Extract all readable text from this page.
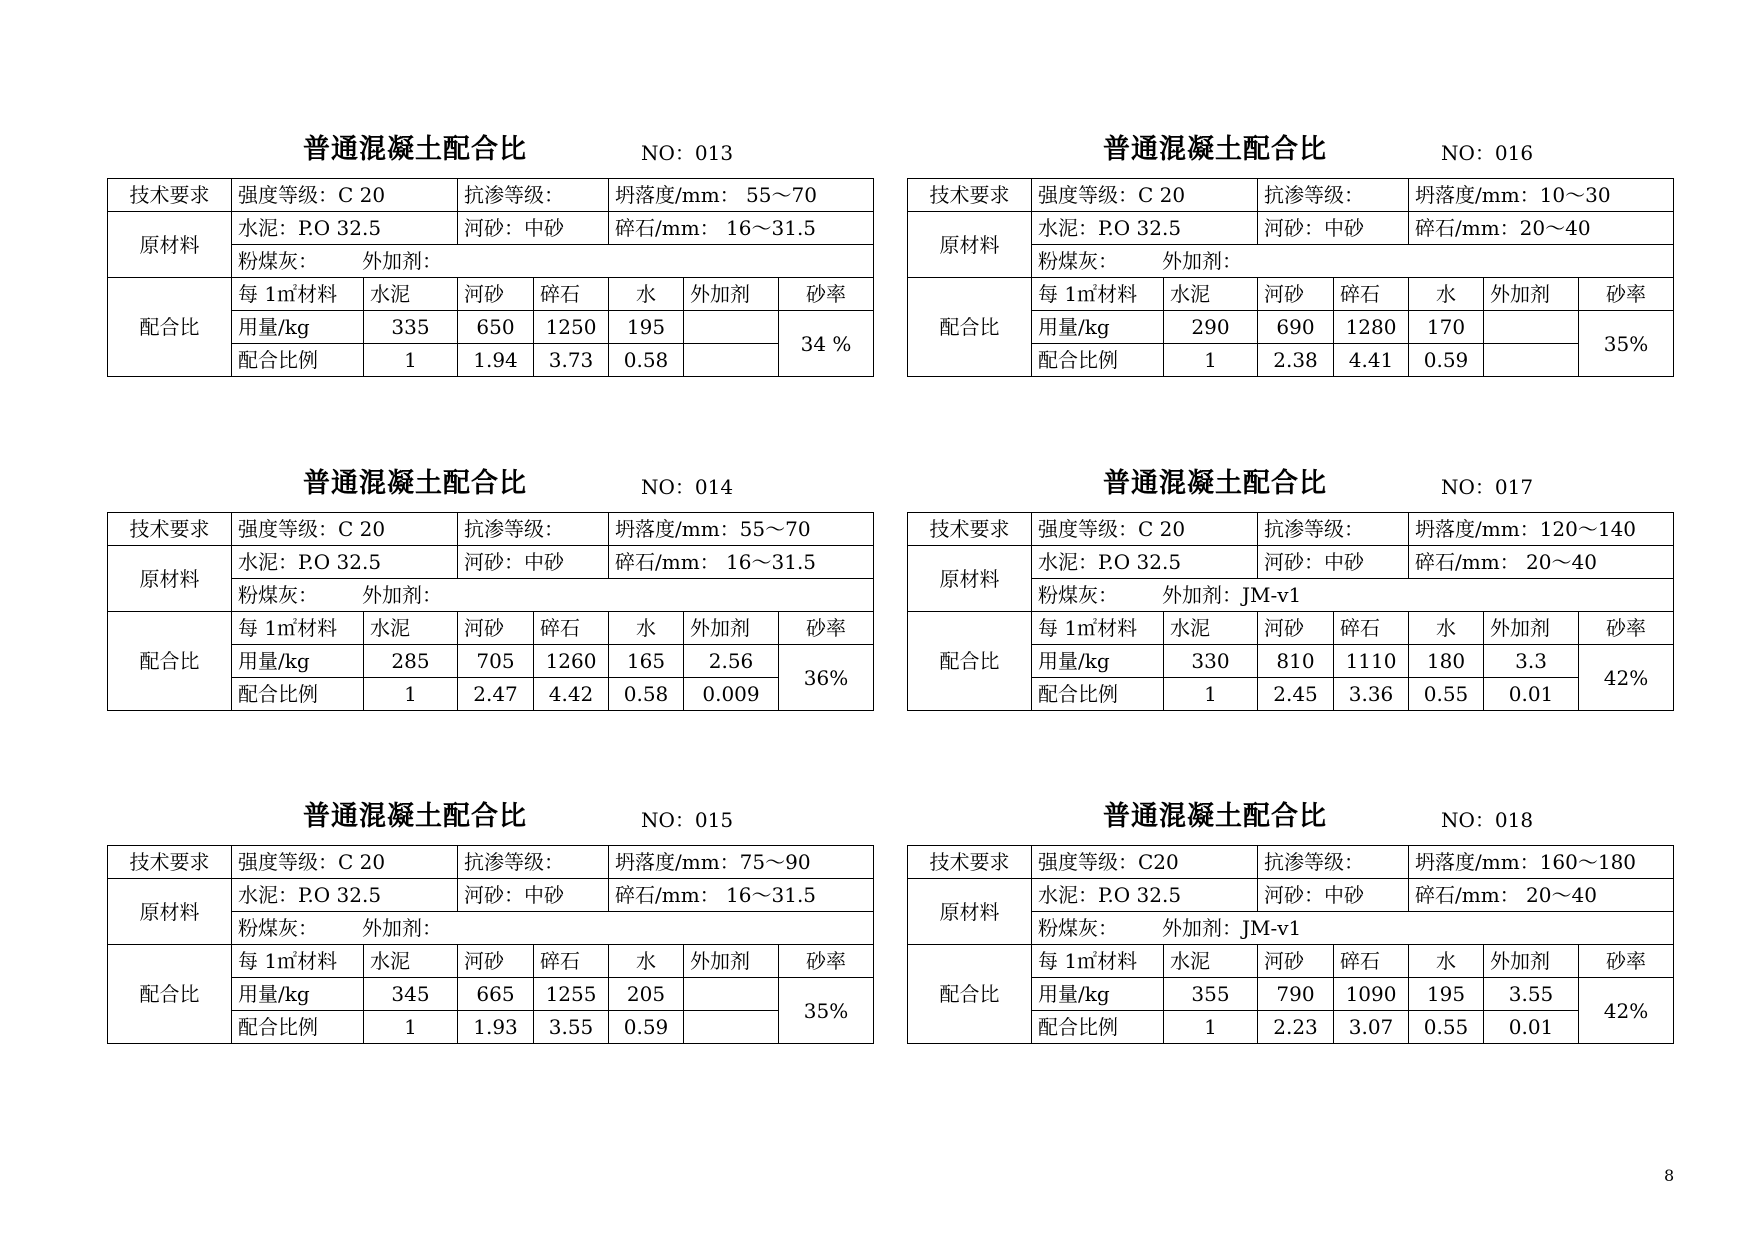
普通混凝土配合比	NO：013
技术要求	强度等级：C 20		抗渗等级：		坍落度/mm： 55～70		
原材料	水泥：P.O 32.5		河砂：中砂		碎石/mm： 16～31.5		
	粉煤灰： 外加剂：						
配合比	每 1㎡材料	水泥	河砂	碎石	水	外加剂	砂率
	用量/kg	335	650	1250	195		34 %
	配合比例	1	1.94	3.73	0.58		
普通混凝土配合比	NO：016
技术要求	强度等级：C 20		抗渗等级：		坍落度/mm：10～30		
原材料	水泥：P.O 32.5		河砂：中砂		碎石/mm：20～40		
	粉煤灰： 外加剂：						
配合比	每 1㎡材料	水泥	河砂	碎石	水	外加剂	砂率
	用量/kg	290	690	1280	170		35%
	配合比例	1	2.38	4.41	0.59		
普通混凝土配合比	NO：014
技术要求	强度等级：C 20		抗渗等级：		坍落度/mm：55～70		
原材料	水泥：P.O 32.5		河砂：中砂		碎石/mm： 16～31.5		
	粉煤灰： 外加剂：						
配合比	每 1㎡材料	水泥	河砂	碎石	水	外加剂	砂率
	用量/kg	285	705	1260	165	2.56	36%
	配合比例	1	2.47	4.42	0.58	0.009	
普通混凝土配合比	NO：017
技术要求	强度等级：C 20		抗渗等级：		坍落度/mm：120～140		
原材料	水泥：P.O 32.5		河砂：中砂		碎石/mm： 20～40		
	粉煤灰： 外加剂：JM-v1						
配合比	每 1㎡材料	水泥	河砂	碎石	水	外加剂	砂率
	用量/kg	330	810	1110	180	3.3	42%
	配合比例	1	2.45	3.36	0.55	0.01	
普通混凝土配合比	NO：015
技术要求	强度等级：C 20		抗渗等级：		坍落度/mm：75～90		
原材料	水泥：P.O 32.5		河砂：中砂		碎石/mm： 16～31.5		
	粉煤灰： 外加剂：						
配合比	每 1㎡材料	水泥	河砂	碎石	水	外加剂	砂率
	用量/kg	345	665	1255	205		35%
	配合比例	1	1.93	3.55	0.59		
普通混凝土配合比	NO：018
技术要求	强度等级：C20		抗渗等级：		坍落度/mm：160～180		
原材料	水泥：P.O 32.5		河砂：中砂		碎石/mm： 20～40		
	粉煤灰： 外加剂：JM-v1						
配合比	每 1㎡材料	水泥	河砂	碎石	水	外加剂	砂率
	用量/kg	355	790	1090	195	3.55	42%
	配合比例	1	2.23	3.07	0.55	0.01	
8
